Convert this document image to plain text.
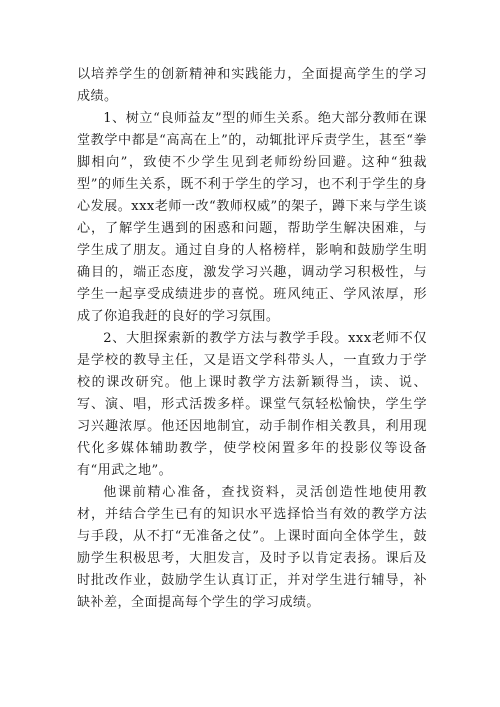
以培养学生的创新精神和实践能力，全面提高学生的学习成绩。

1、树立“良师益友”型的师生关系。绝大部分教师在课堂教学中都是“高高在上”的，动辄批评斥责学生，甚至“拳脚相向”，致使不少学生见到老师纷纷回避。这种“独裁型”的师生关系，既不利于学生的学习，也不利于学生的身心发展。xxx老师一改“教师权威”的架子，蹲下来与学生谈心，了解学生遇到的困惑和问题，帮助学生解决困难，与学生成了朋友。通过自身的人格榜样，影响和鼓励学生明确目的，端正态度，激发学习兴趣，调动学习积极性，与学生一起享受成绩进步的喜悦。班风纯正、学风浓厚，形成了你追我赶的良好的学习氛围。

2、大胆探索新的教学方法与教学手段。xxx老师不仅是学校的教导主任，又是语文学科带头人，一直致力于学校的课改研究。他上课时教学方法新颖得当，读、说、写、演、唱，形式活拨多样。课堂气氛轻松愉快，学生学习兴趣浓厚。他还因地制宜，动手制作相关教具，利用现代化多媒体辅助教学，使学校闲置多年的投影仪等设备有“用武之地”。

他课前精心准备，查找资料，灵活创造性地使用教材，并结合学生已有的知识水平选择恰当有效的教学方法与手段，从不打“无准备之仗”。上课时面向全体学生，鼓励学生积极思考，大胆发言，及时予以肯定表扬。课后及时批改作业，鼓励学生认真订正，并对学生进行辅导，补缺补差，全面提高每个学生的学习成绩。
